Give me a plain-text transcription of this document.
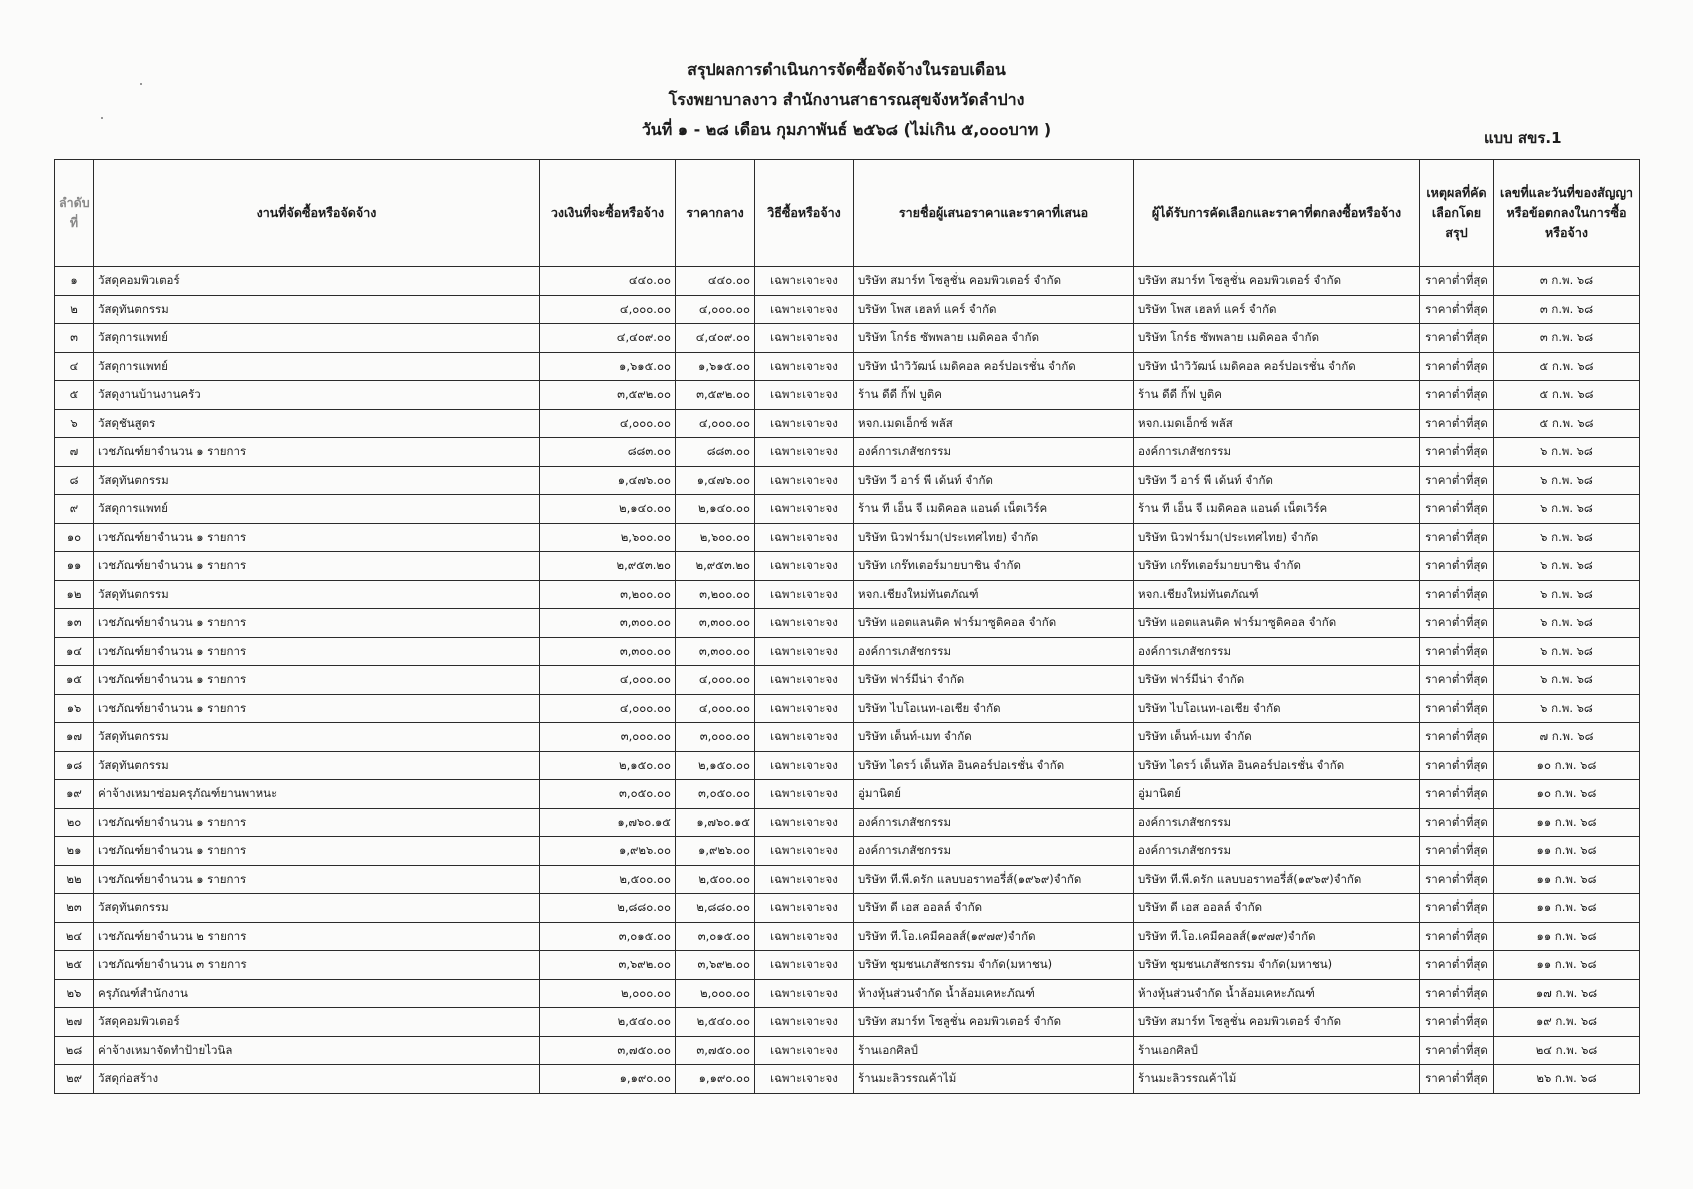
สรุปผลการดำเนินการจัดซื้อจัดจ้างในรอบเดือน
โรงพยาบาลงาว สำนักงานสาธารณสุขจังหวัดลำปาง
วันที่ ๑ - ๒๘ เดือน กุมภาพันธ์ ๒๕๖๘ (ไม่เกิน ๕,๐๐๐บาท )	แบบ สขร.1
ลำดับที่	งานที่จัดซื้อหรือจัดจ้าง	วงเงินที่จะซื้อหรือจ้าง	ราคากลาง	วิธีซื้อหรือจ้าง	รายชื่อผู้เสนอราคาและราคาที่เสนอ	ผู้ได้รับการคัดเลือกและราคาที่ตกลงซื้อหรือจ้าง	เหตุผลที่คัดเลือกโดยสรุป	เลขที่และวันที่ของสัญญาหรือข้อตกลงในการซื้อหรือจ้าง
๑	วัสดุคอมพิวเตอร์	๔๔๐.๐๐	๔๔๐.๐๐	เฉพาะเจาะจง	บริษัท สมาร์ท โซลูชั่น คอมพิวเตอร์ จำกัด	บริษัท สมาร์ท โซลูชั่น คอมพิวเตอร์ จำกัด	ราคาต่ำที่สุด	๓ ก.พ. ๖๘
๒	วัสดุทันตกรรม	๔,๐๐๐.๐๐	๔,๐๐๐.๐๐	เฉพาะเจาะจง	บริษัท โพส เฮลท์ แคร์ จำกัด	บริษัท โพส เฮลท์ แคร์ จำกัด	ราคาต่ำที่สุด	๓ ก.พ. ๖๘
๓	วัสดุการแพทย์	๔,๔๐๙.๐๐	๔,๔๐๙.๐๐	เฉพาะเจาะจง	บริษัท โกร์ธ ซัพพลาย เมดิคอล จำกัด	บริษัท โกร์ธ ซัพพลาย เมดิคอล จำกัด	ราคาต่ำที่สุด	๓ ก.พ. ๖๘
๔	วัสดุการแพทย์	๑,๖๑๕.๐๐	๑,๖๑๕.๐๐	เฉพาะเจาะจง	บริษัท นำวิวัฒน์ เมดิคอล คอร์ปอเรชั่น จำกัด	บริษัท นำวิวัฒน์ เมดิคอล คอร์ปอเรชั่น จำกัด	ราคาต่ำที่สุด	๕ ก.พ. ๖๘
๕	วัสดุงานบ้านงานครัว	๓,๕๙๒.๐๐	๓,๕๙๒.๐๐	เฉพาะเจาะจง	ร้าน ดีดี กิ๊ฟ บูติค	ร้าน ดีดี กิ๊ฟ บูติค	ราคาต่ำที่สุด	๕ ก.พ. ๖๘
๖	วัสดุชันสูตร	๔,๐๐๐.๐๐	๔,๐๐๐.๐๐	เฉพาะเจาะจง	หจก.เมดเอ็กซ์ พลัส	หจก.เมดเอ็กซ์ พลัส	ราคาต่ำที่สุด	๕ ก.พ. ๖๘
๗	เวชภัณฑ์ยาจำนวน ๑ รายการ	๘๘๓.๐๐	๘๘๓.๐๐	เฉพาะเจาะจง	องค์การเภสัชกรรม	องค์การเภสัชกรรม	ราคาต่ำที่สุด	๖ ก.พ. ๖๘
๘	วัสดุทันตกรรม	๑,๔๗๖.๐๐	๑,๔๗๖.๐๐	เฉพาะเจาะจง	บริษัท วี อาร์ พี เด้นท์ จำกัด	บริษัท วี อาร์ พี เด้นท์ จำกัด	ราคาต่ำที่สุด	๖ ก.พ. ๖๘
๙	วัสดุการแพทย์	๒,๑๔๐.๐๐	๒,๑๔๐.๐๐	เฉพาะเจาะจง	ร้าน ที เอ็น จี เมดิคอล แอนด์ เน็ตเวิร์ค	ร้าน ที เอ็น จี เมดิคอล แอนด์ เน็ตเวิร์ค	ราคาต่ำที่สุด	๖ ก.พ. ๖๘
๑๐	เวชภัณฑ์ยาจำนวน ๑ รายการ	๒,๖๐๐.๐๐	๒,๖๐๐.๐๐	เฉพาะเจาะจง	บริษัท นิวฟาร์มา(ประเทศไทย) จำกัด	บริษัท นิวฟาร์มา(ประเทศไทย) จำกัด	ราคาต่ำที่สุด	๖ ก.พ. ๖๘
๑๑	เวชภัณฑ์ยาจำนวน ๑ รายการ	๒,๙๕๓.๒๐	๒,๙๕๓.๒๐	เฉพาะเจาะจง	บริษัท เกร๊ทเตอร์มายบาชิน จำกัด	บริษัท เกร๊ทเตอร์มายบาชิน จำกัด	ราคาต่ำที่สุด	๖ ก.พ. ๖๘
๑๒	วัสดุทันตกรรม	๓,๒๐๐.๐๐	๓,๒๐๐.๐๐	เฉพาะเจาะจง	หจก.เชียงใหม่ทันตภัณฑ์	หจก.เชียงใหม่ทันตภัณฑ์	ราคาต่ำที่สุด	๖ ก.พ. ๖๘
๑๓	เวชภัณฑ์ยาจำนวน ๑ รายการ	๓,๓๐๐.๐๐	๓,๓๐๐.๐๐	เฉพาะเจาะจง	บริษัท แอตแลนติค ฟาร์มาซูติคอล จำกัด	บริษัท แอตแลนติค ฟาร์มาซูติคอล จำกัด	ราคาต่ำที่สุด	๖ ก.พ. ๖๘
๑๔	เวชภัณฑ์ยาจำนวน ๑ รายการ	๓,๓๐๐.๐๐	๓,๓๐๐.๐๐	เฉพาะเจาะจง	องค์การเภสัชกรรม	องค์การเภสัชกรรม	ราคาต่ำที่สุด	๖ ก.พ. ๖๘
๑๕	เวชภัณฑ์ยาจำนวน ๑ รายการ	๔,๐๐๐.๐๐	๔,๐๐๐.๐๐	เฉพาะเจาะจง	บริษัท ฟาร์มีน่า จำกัด	บริษัท ฟาร์มีน่า จำกัด	ราคาต่ำที่สุด	๖ ก.พ. ๖๘
๑๖	เวชภัณฑ์ยาจำนวน ๑ รายการ	๔,๐๐๐.๐๐	๔,๐๐๐.๐๐	เฉพาะเจาะจง	บริษัท ไบโอเนท-เอเชีย จำกัด	บริษัท ไบโอเนท-เอเชีย จำกัด	ราคาต่ำที่สุด	๖ ก.พ. ๖๘
๑๗	วัสดุทันตกรรม	๓,๐๐๐.๐๐	๓,๐๐๐.๐๐	เฉพาะเจาะจง	บริษัท เด็นท์-เมท จำกัด	บริษัท เด็นท์-เมท จำกัด	ราคาต่ำที่สุด	๗ ก.พ. ๖๘
๑๘	วัสดุทันตกรรม	๒,๑๕๐.๐๐	๒,๑๕๐.๐๐	เฉพาะเจาะจง	บริษัท ไดรว์ เด็นทัล อินคอร์ปอเรชั่น จำกัด	บริษัท ไดรว์ เด็นทัล อินคอร์ปอเรชั่น จำกัด	ราคาต่ำที่สุด	๑๐ ก.พ. ๖๘
๑๙	ค่าจ้างเหมาซ่อมครุภัณฑ์ยานพาหนะ	๓,๐๕๐.๐๐	๓,๐๕๐.๐๐	เฉพาะเจาะจง	อู่มานิตย์	อู่มานิตย์	ราคาต่ำที่สุด	๑๐ ก.พ. ๖๘
๒๐	เวชภัณฑ์ยาจำนวน ๑ รายการ	๑,๗๖๐.๑๕	๑,๗๖๐.๑๕	เฉพาะเจาะจง	องค์การเภสัชกรรม	องค์การเภสัชกรรม	ราคาต่ำที่สุด	๑๑ ก.พ. ๖๘
๒๑	เวชภัณฑ์ยาจำนวน ๑ รายการ	๑,๙๒๖.๐๐	๑,๙๒๖.๐๐	เฉพาะเจาะจง	องค์การเภสัชกรรม	องค์การเภสัชกรรม	ราคาต่ำที่สุด	๑๑ ก.พ. ๖๘
๒๒	เวชภัณฑ์ยาจำนวน ๑ รายการ	๒,๕๐๐.๐๐	๒,๕๐๐.๐๐	เฉพาะเจาะจง	บริษัท ที.พี.ดรัก แลบบอราทอรี่ส์(๑๙๖๙)จำกัด	บริษัท ที.พี.ดรัก แลบบอราทอรี่ส์(๑๙๖๙)จำกัด	ราคาต่ำที่สุด	๑๑ ก.พ. ๖๘
๒๓	วัสดุทันตกรรม	๒,๘๘๐.๐๐	๒,๘๘๐.๐๐	เฉพาะเจาะจง	บริษัท ดี เอส ออลล์ จำกัด	บริษัท ดี เอส ออลล์ จำกัด	ราคาต่ำที่สุด	๑๑ ก.พ. ๖๘
๒๔	เวชภัณฑ์ยาจำนวน ๒ รายการ	๓,๐๑๕.๐๐	๓,๐๑๕.๐๐	เฉพาะเจาะจง	บริษัท ที.โอ.เคมีคอลส์(๑๙๗๙)จำกัด	บริษัท ที.โอ.เคมีคอลส์(๑๙๗๙)จำกัด	ราคาต่ำที่สุด	๑๑ ก.พ. ๖๘
๒๕	เวชภัณฑ์ยาจำนวน ๓ รายการ	๓,๖๙๒.๐๐	๓,๖๙๒.๐๐	เฉพาะเจาะจง	บริษัท ชุมชนเภสัชกรรม จำกัด(มหาชน)	บริษัท ชุมชนเภสัชกรรม จำกัด(มหาชน)	ราคาต่ำที่สุด	๑๑ ก.พ. ๖๘
๒๖	ครุภัณฑ์สำนักงาน	๒,๐๐๐.๐๐	๒,๐๐๐.๐๐	เฉพาะเจาะจง	ห้างหุ้นส่วนจำกัด น้ำล้อมเคหะภัณฑ์	ห้างหุ้นส่วนจำกัด น้ำล้อมเคหะภัณฑ์	ราคาต่ำที่สุด	๑๗ ก.พ. ๖๘
๒๗	วัสดุคอมพิวเตอร์	๒,๕๔๐.๐๐	๒,๕๔๐.๐๐	เฉพาะเจาะจง	บริษัท สมาร์ท โซลูชั่น คอมพิวเตอร์ จำกัด	บริษัท สมาร์ท โซลูชั่น คอมพิวเตอร์ จำกัด	ราคาต่ำที่สุด	๑๙ ก.พ. ๖๘
๒๘	ค่าจ้างเหมาจัดทำป้ายไวนิล	๓,๗๕๐.๐๐	๓,๗๕๐.๐๐	เฉพาะเจาะจง	ร้านเอกศิลป์	ร้านเอกศิลป์	ราคาต่ำที่สุด	๒๔ ก.พ. ๖๘
๒๙	วัสดุก่อสร้าง	๑,๑๙๐.๐๐	๑,๑๙๐.๐๐	เฉพาะเจาะจง	ร้านมะลิวรรณค้าไม้	ร้านมะลิวรรณค้าไม้	ราคาต่ำที่สุด	๒๖ ก.พ. ๖๘
